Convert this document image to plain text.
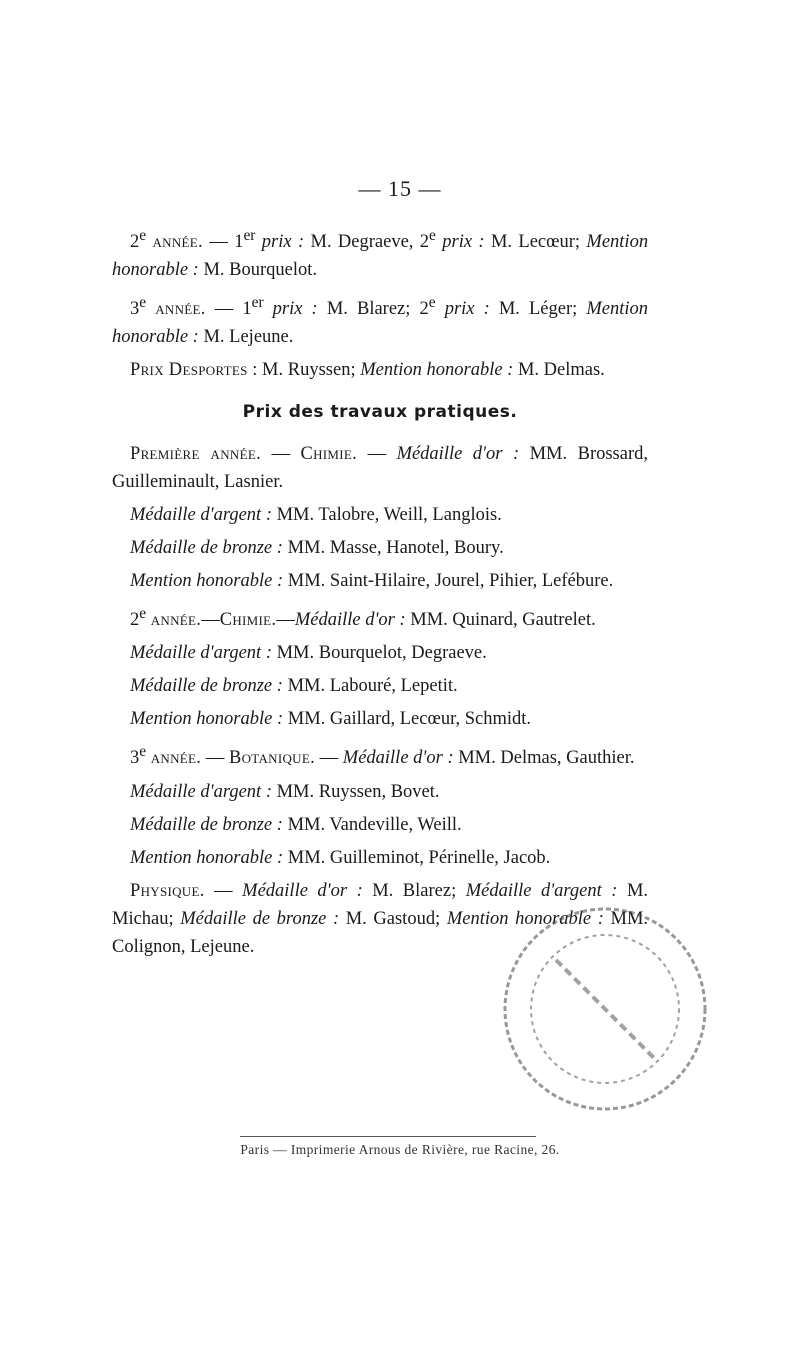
— 15 —

2e année. — 1er prix : M. Degraeve, 2e prix : M. Lecœur; Mention honorable : M. Bourquelot.

3e année. — 1er prix : M. Blarez; 2e prix : M. Léger; Mention honorable : M. Lejeune.

Prix Desportes : M. Ruyssen; Mention honorable : M. Delmas.

Prix des travaux pratiques.

Première année. — Chimie. — Médaille d'or : MM. Brossard, Guilleminault, Lasnier.

Médaille d'argent : MM. Talobre, Weill, Langlois.

Médaille de bronze : MM. Masse, Hanotel, Boury.

Mention honorable : MM. Saint-Hilaire, Jourel, Pihier, Lefébure.

2e année.—Chimie.—Médaille d'or : MM. Quinard, Gautrelet.

Médaille d'argent : MM. Bourquelot, Degraeve.

Médaille de bronze : MM. Labouré, Lepetit.

Mention honorable : MM. Gaillard, Lecœur, Schmidt.

3e année. — Botanique. — Médaille d'or : MM. Delmas, Gauthier.

Médaille d'argent : MM. Ruyssen, Bovet.

Médaille de bronze : MM. Vandeville, Weill.

Mention honorable : MM. Guilleminot, Périnelle, Jacob.

Physique. — Médaille d'or : M. Blarez; Médaille d'argent : M. Michau; Médaille de bronze : M. Gastoud; Mention honorable : MM. Colignon, Lejeune.

Paris — Imprimerie Arnous de Rivière, rue Racine, 26.
